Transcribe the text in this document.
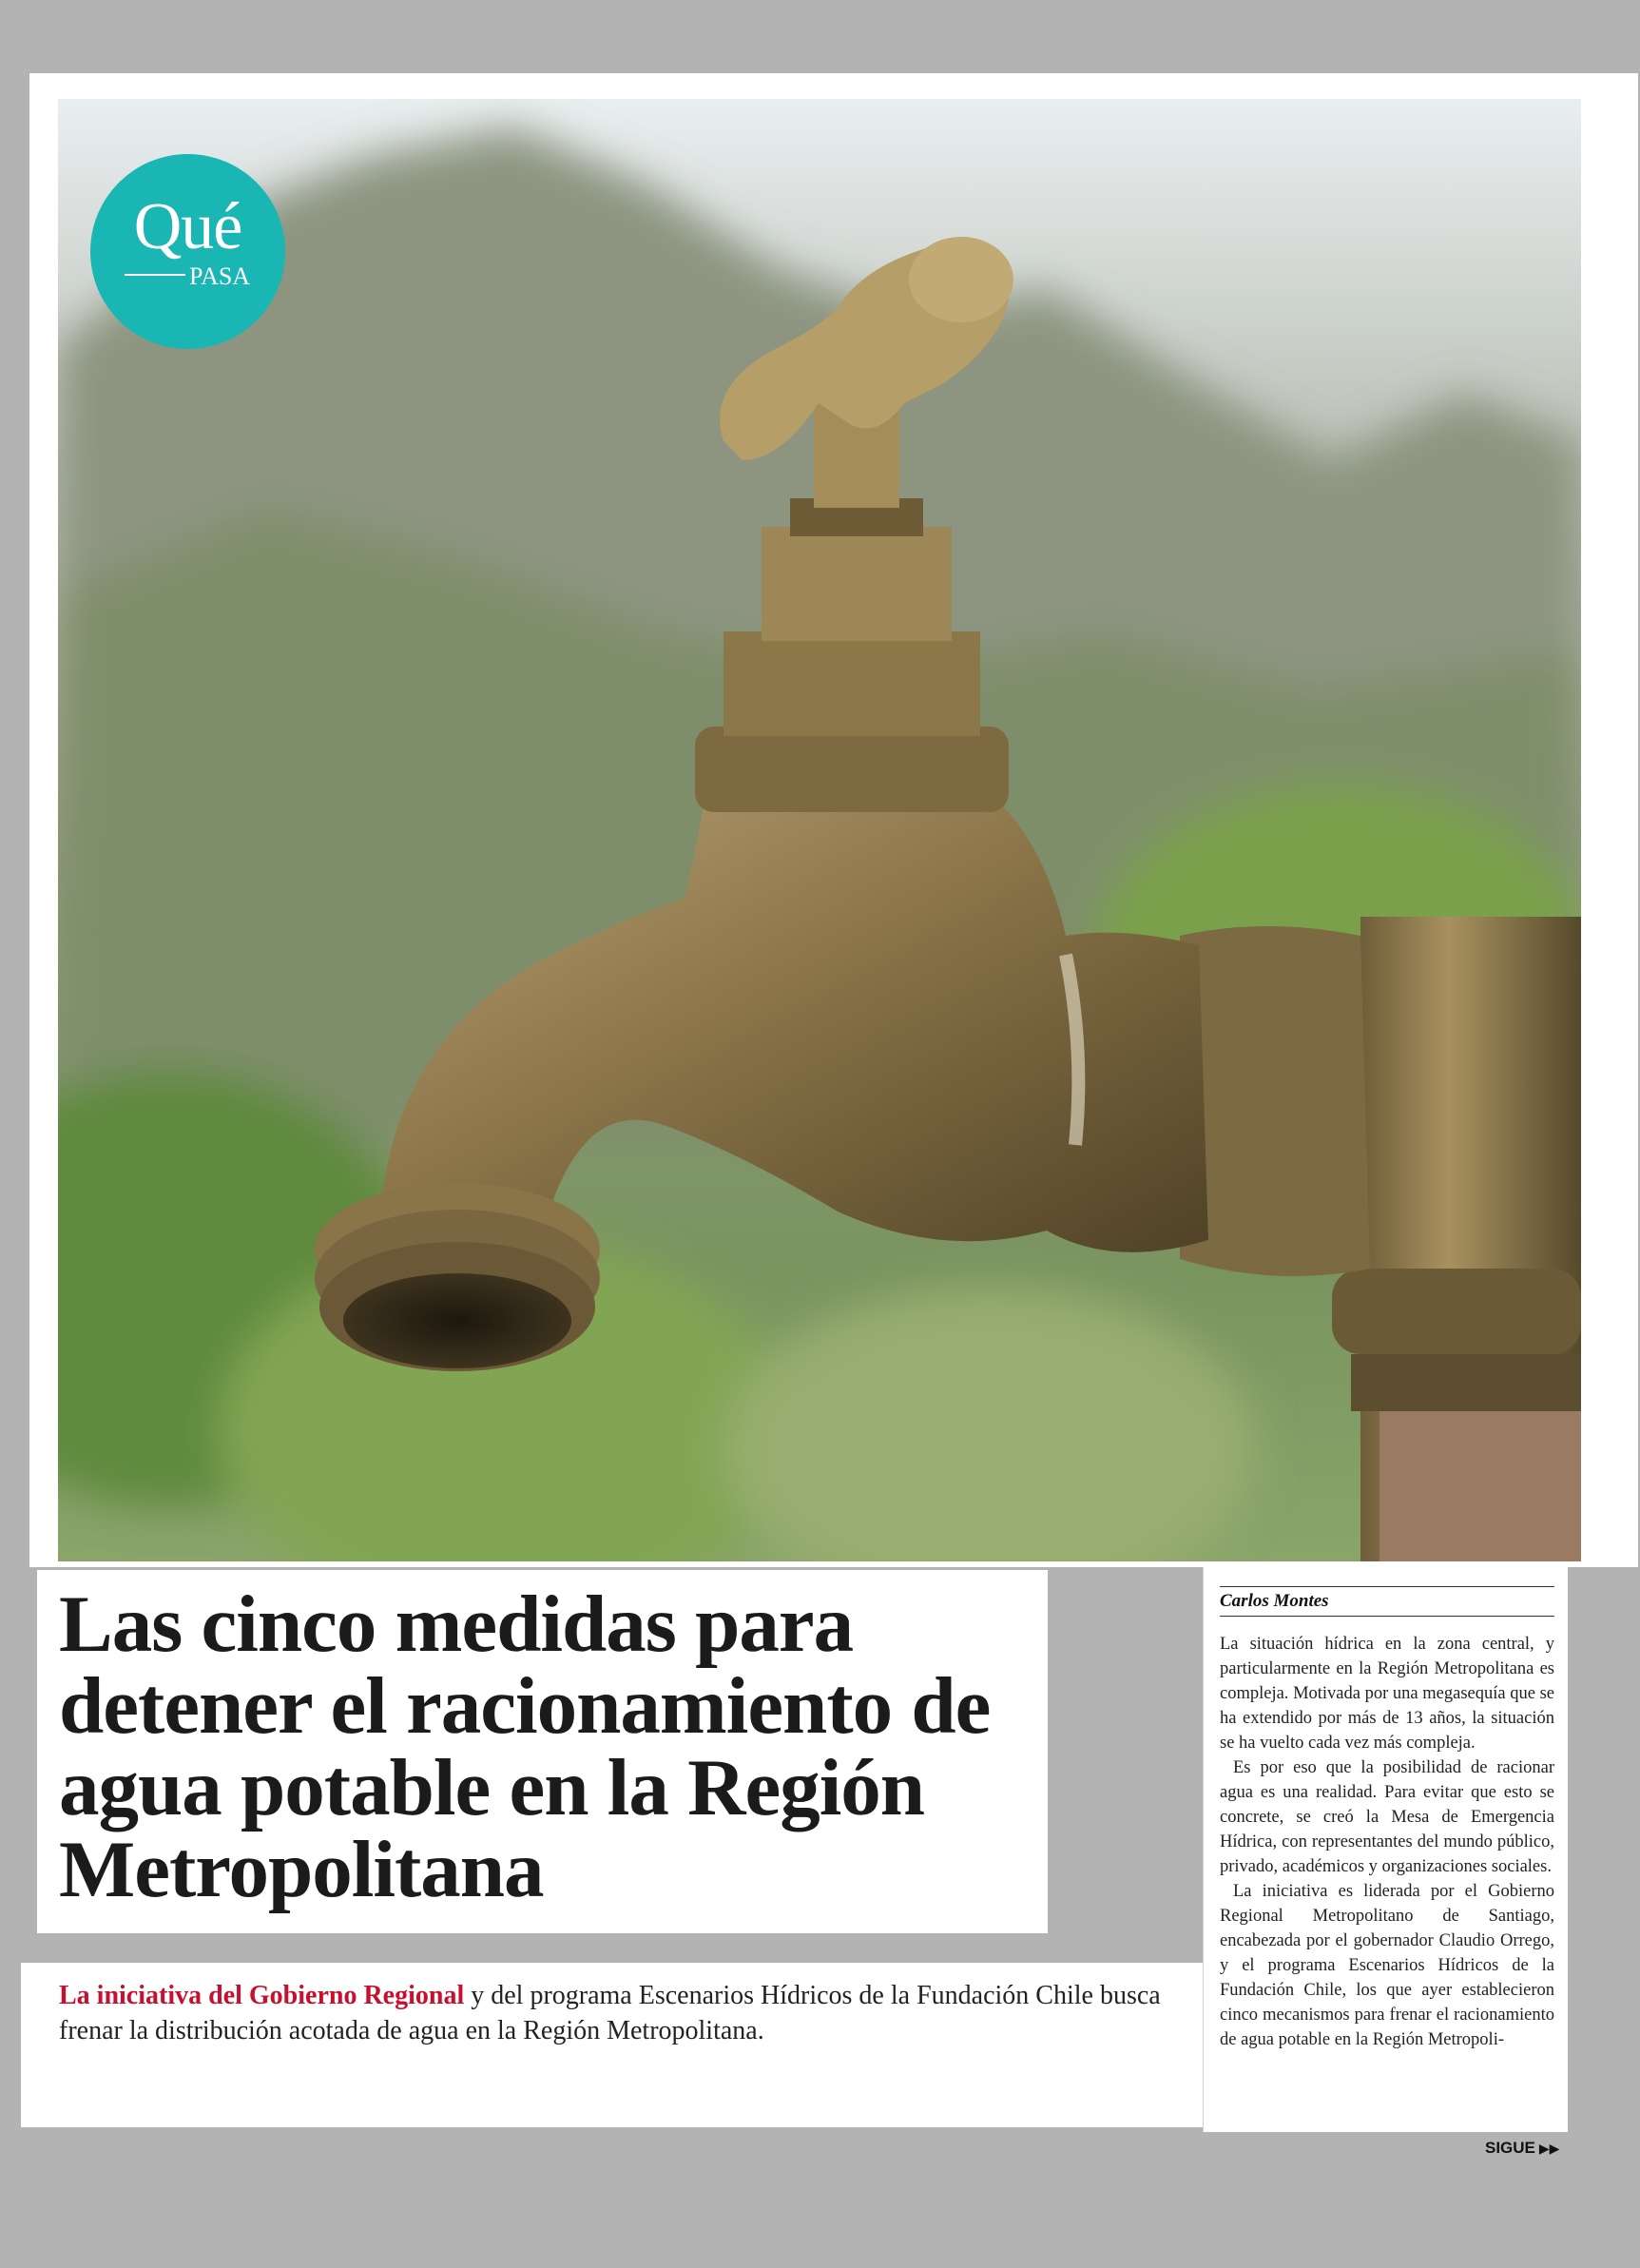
Qué
PASA
Las cinco medidas para detener el racionamiento de agua potable en la Región Metropolitana

La iniciativa del Gobierno Regional y del programa Escenarios Hídricos de la Fundación Chile busca frenar la distribución acotada de agua en la Región Metropolitana.

Carlos Montes

La situación hídrica en la zona central, y particularmente en la Región Metropolitana es compleja. Motivada por una megasequía que se ha extendido por más de 13 años, la situación se ha vuelto cada vez más compleja.

Es por eso que la posibilidad de racionar agua es una realidad. Para evitar que esto se concrete, se creó la Mesa de Emergencia Hídrica, con representantes del mundo público, privado, académicos y organizaciones sociales.

La iniciativa es liderada por el Gobierno Regional Metropolitano de Santiago, encabezada por el gobernador Claudio Orrego, y el programa Escenarios Hídricos de la Fundación Chile, los que ayer establecieron cinco mecanismos para frenar el racionamiento de agua potable en la Región Metropoli-

SIGUE ▶▶
